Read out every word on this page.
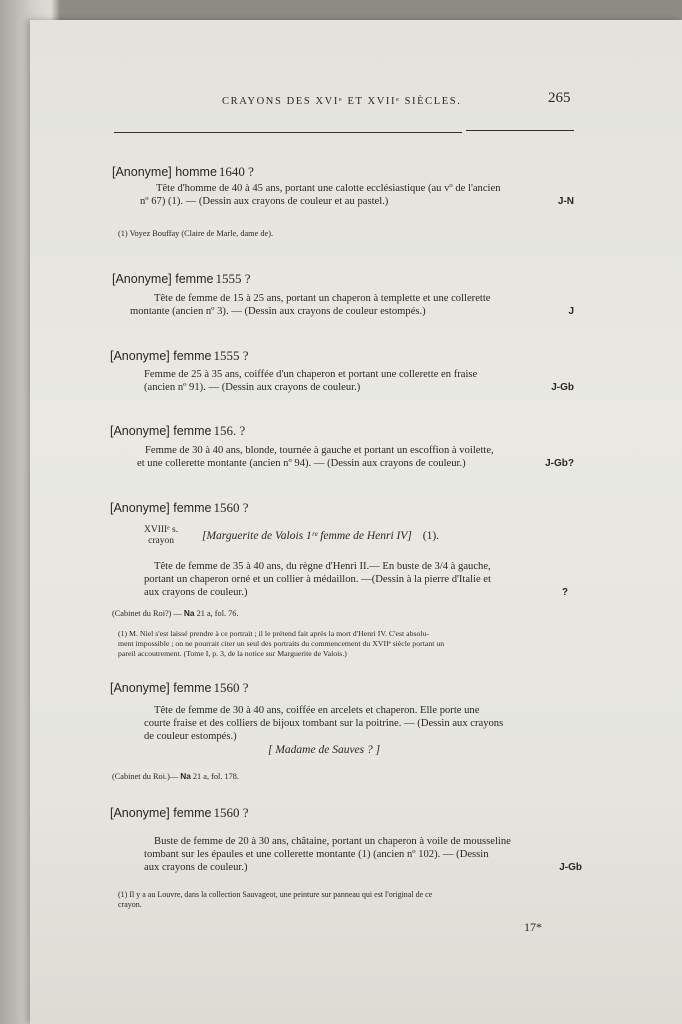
CRAYONS DES XVIᵉ ET XVIIᵉ SIÈCLES.	265
[Anonyme] homme 1640 ?
Tête d'homme de 40 à 45 ans, portant une calotte ecclésiastique (au vº de l'ancien
nº 67) (1). — (Dessin aux crayons de couleur et au pastel.)	J-N
(1) Voyez Bouffay (Claire de Marle, dame de).
[Anonyme] femme 1555 ?
Tête de femme de 15 à 25 ans, portant un chaperon à templette et une collerette
montante (ancien nº 3). — (Dessin aux crayons de couleur estompés.)	J
[Anonyme] femme 1555 ?
Femme de 25 à 35 ans, coiffée d'un chaperon et portant une collerette en fraise
(ancien nº 91). — (Dessin aux crayons de couleur.)	J-Gb
[Anonyme] femme 156. ?
Femme de 30 à 40 ans, blonde, tournée à gauche et portant un escoffion à voilette,
et une collerette montante (ancien nº 94). — (Dessin aux crayons de couleur.)	J-Gb?
[Anonyme] femme 1560 ?
XVIIIᵉ s.
crayon	[Marguerite de Valois 1ʳᵉ femme de Henri IV] (1).
Tête de femme de 35 à 40 ans, du règne d'Henri II.— En buste de 3/4 à gauche,
portant un chaperon orné et un collier à médaillon. —(Dessin à la pierre d'Italie et
aux crayons de couleur.)	?
(Cabinet du Roi?) — Na 21 a, fol. 76.
(1) M. Niel s'est laissé prendre à ce portrait ; il le prétend fait après la mort d'Henri IV. C'est absolu-
ment impossible ; on ne pourrait citer un seul des portraits du commencement du XVIIᵉ siècle portant un
pareil accoutrement. (Tome I, p. 3, de la notice sur Marguerite de Valois.)
[Anonyme] femme 1560 ?
Tête de femme de 30 à 40 ans, coiffée en arcelets et chaperon. Elle porte une
courte fraise et des colliers de bijoux tombant sur la poitrine. — (Dessin aux crayons
de couleur estompés.)
[ Madame de Sauves ? ]
(Cabinet du Roi.)— Na 21 a, fol. 178.
[Anonyme] femme 1560 ?
Buste de femme de 20 à 30 ans, châtaine, portant un chaperon à voile de mousseline
tombant sur les épaules et une collerette montante (1) (ancien nº 102). — (Dessin
aux crayons de couleur.)	J-Gb
(1) Il y a au Louvre, dans la collection Sauvageot, une peinture sur panneau qui est l'original de ce
crayon.
17*
